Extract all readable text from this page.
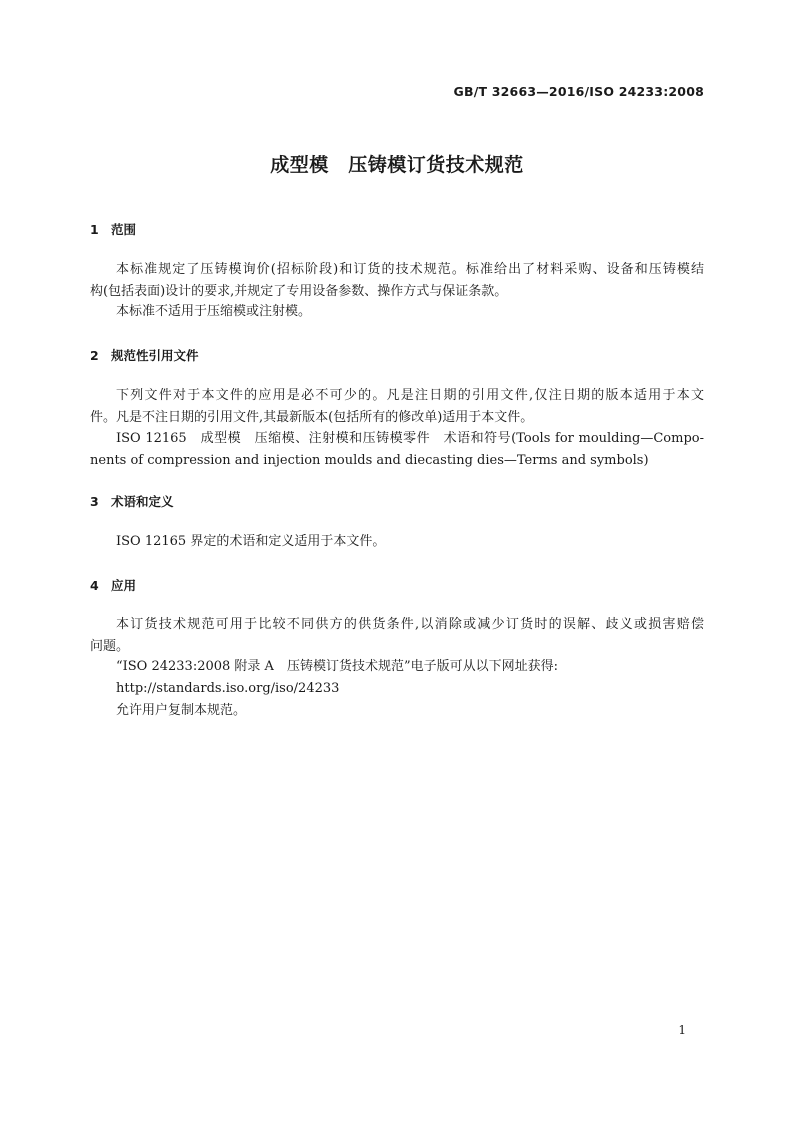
GB/T 32663—2016/ISO 24233:2008
成型模　压铸模订货技术规范
1 范围
本标准规定了压铸模询价(招标阶段)和订货的技术规范。标准给出了材料采购、设备和压铸模结
构(包括表面)设计的要求,并规定了专用设备参数、操作方式与保证条款。
本标准不适用于压缩模或注射模。
2 规范性引用文件
下列文件对于本文件的应用是必不可少的。凡是注日期的引用文件,仅注日期的版本适用于本文
件。凡是不注日期的引用文件,其最新版本(包括所有的修改单)适用于本文件。
ISO 12165　成型模　压缩模、注射模和压铸模零件　术语和符号(Tools for moulding—Compo-
nents of compression and injection moulds and diecasting dies—Terms and symbols)
3 术语和定义
ISO 12165 界定的术语和定义适用于本文件。
4 应用
本订货技术规范可用于比较不同供方的供货条件,以消除或减少订货时的误解、歧义或损害赔偿
问题。
“ISO 24233:2008 附录 A　压铸模订货技术规范”电子版可从以下网址获得:
http://standards.iso.org/iso/24233
允许用户复制本规范。
1
